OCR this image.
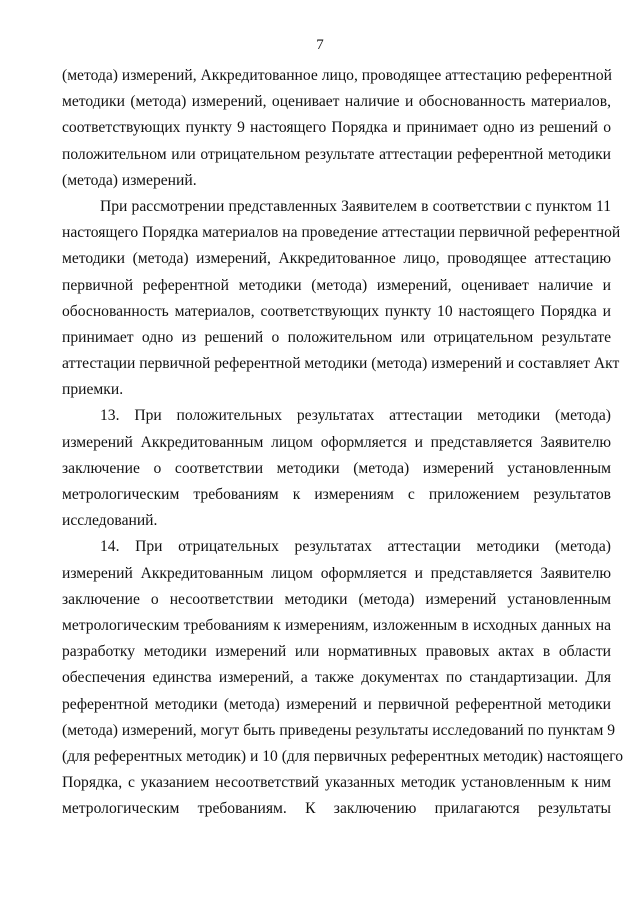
7
(метода) измерений, Аккредитованное лицо, проводящее аттестацию референтной
методики (метода) измерений, оценивает наличие и обоснованность материалов,
соответствующих пункту 9 настоящего Порядка и принимает одно из решений о
положительном или отрицательном результате аттестации референтной методики
(метода) измерений.
При рассмотрении представленных Заявителем в соответствии с пунктом 11
настоящего Порядка материалов на проведение аттестации первичной референтной
методики (метода) измерений, Аккредитованное лицо, проводящее аттестацию
первичной референтной методики (метода) измерений, оценивает наличие и
обоснованность материалов, соответствующих пункту 10 настоящего Порядка и
принимает одно из решений о положительном или отрицательном результате
аттестации первичной референтной методики (метода) измерений и составляет Акт
приемки.
13. При положительных результатах аттестации методики (метода)
измерений Аккредитованным лицом оформляется и представляется Заявителю
заключение о соответствии методики (метода) измерений установленным
метрологическим требованиям к измерениям с приложением результатов
исследований.
14. При отрицательных результатах аттестации методики (метода)
измерений Аккредитованным лицом оформляется и представляется Заявителю
заключение о несоответствии методики (метода) измерений установленным
метрологическим требованиям к измерениям, изложенным в исходных данных на
разработку методики измерений или нормативных правовых актах в области
обеспечения единства измерений, а также документах по стандартизации. Для
референтной методики (метода) измерений и первичной референтной методики
(метода) измерений, могут быть приведены результаты исследований по пунктам 9
(для референтных методик) и 10 (для первичных референтных методик) настоящего
Порядка, с указанием несоответствий указанных методик установленным к ним
метрологическим требованиям. К заключению прилагаются результаты
